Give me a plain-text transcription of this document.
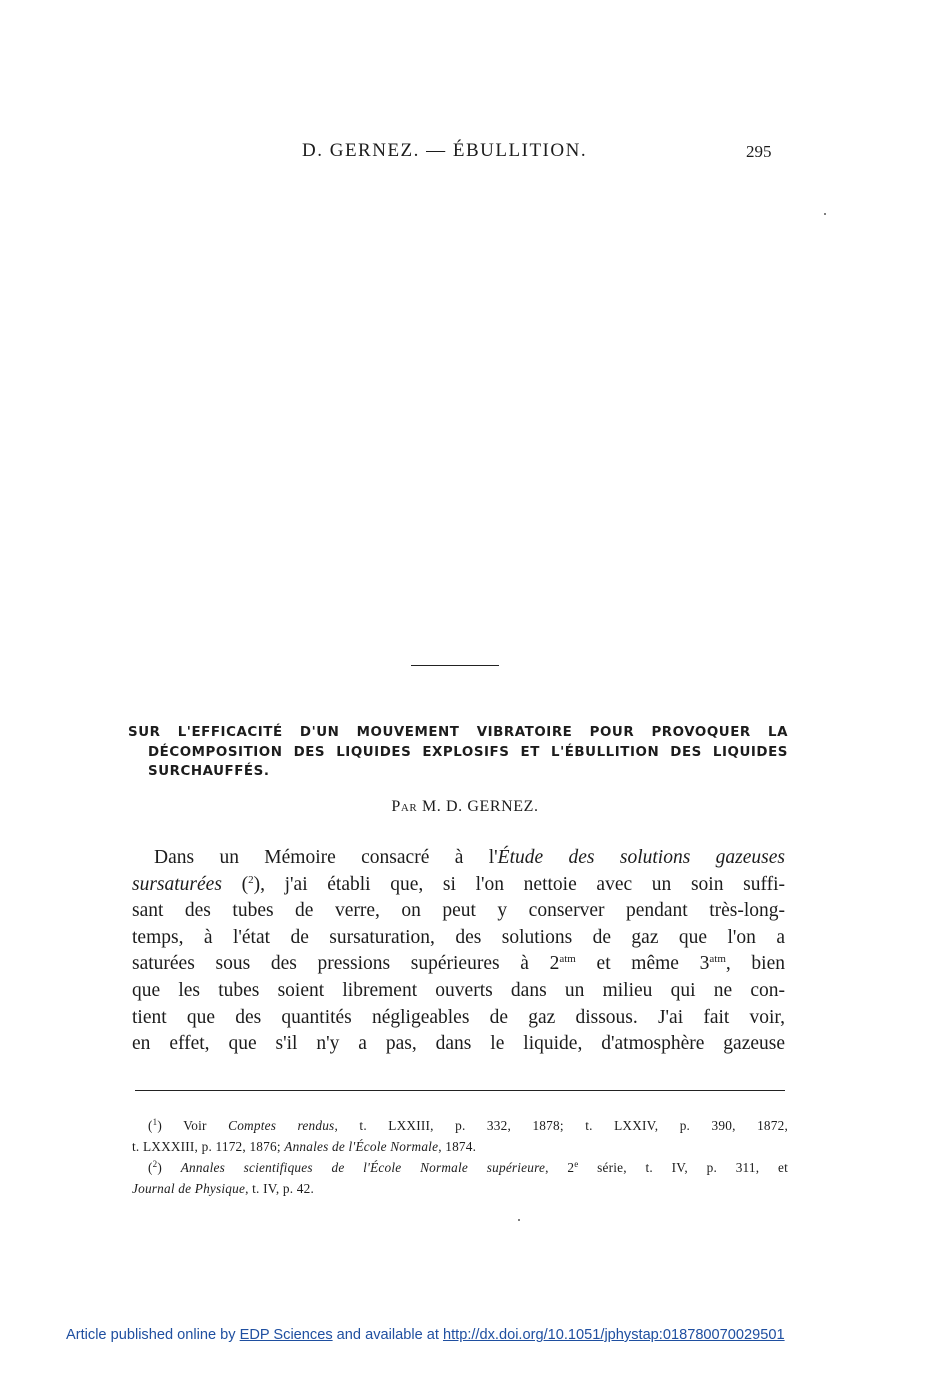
D. GERNEZ. — ÉBULLITION.	295
SUR L'EFFICACITÉ D'UN MOUVEMENT VIBRATOIRE POUR PROVOQUER LA
DÉCOMPOSITION DES LIQUIDES EXPLOSIFS ET L'ÉBULLITION DES LIQUIDES
SURCHAUFFÉS.
Par M. D. GERNEZ.

Dans un Mémoire consacré à l'Étude des solutions gazeuses
sursaturées ($^2$), j'ai établi que, si l'on nettoie avec un soin suffi-
sant des tubes de verre, on peut y conserver pendant très-long-
temps, à l'état de sursaturation, des solutions de gaz que l'on a
saturées sous des pressions supérieures à $2^{atm}$ et même $3^{atm}$, bien
que les tubes soient librement ouverts dans un milieu qui ne con-
tient que des quantités négligeables de gaz dissous. J'ai fait voir,
en effet, que s'il n'y a pas, dans le liquide, d'atmosphère gazeuse

($^1$) Voir Comptes rendus, t. LXXIII, p. 332, 1878; t. LXXIV, p. 390, 1872,
t. LXXXIII, p. 1172, 1876; Annales de l'École Normale, 1874.
($^2$) Annales scientifiques de l'École Normale supérieure, 2e série, t. IV, p. 311, et
Journal de Physique, t. IV, p. 42.
Article published online by EDP Sciences and available at http://dx.doi.org/10.1051/jphystap:018780070029501
